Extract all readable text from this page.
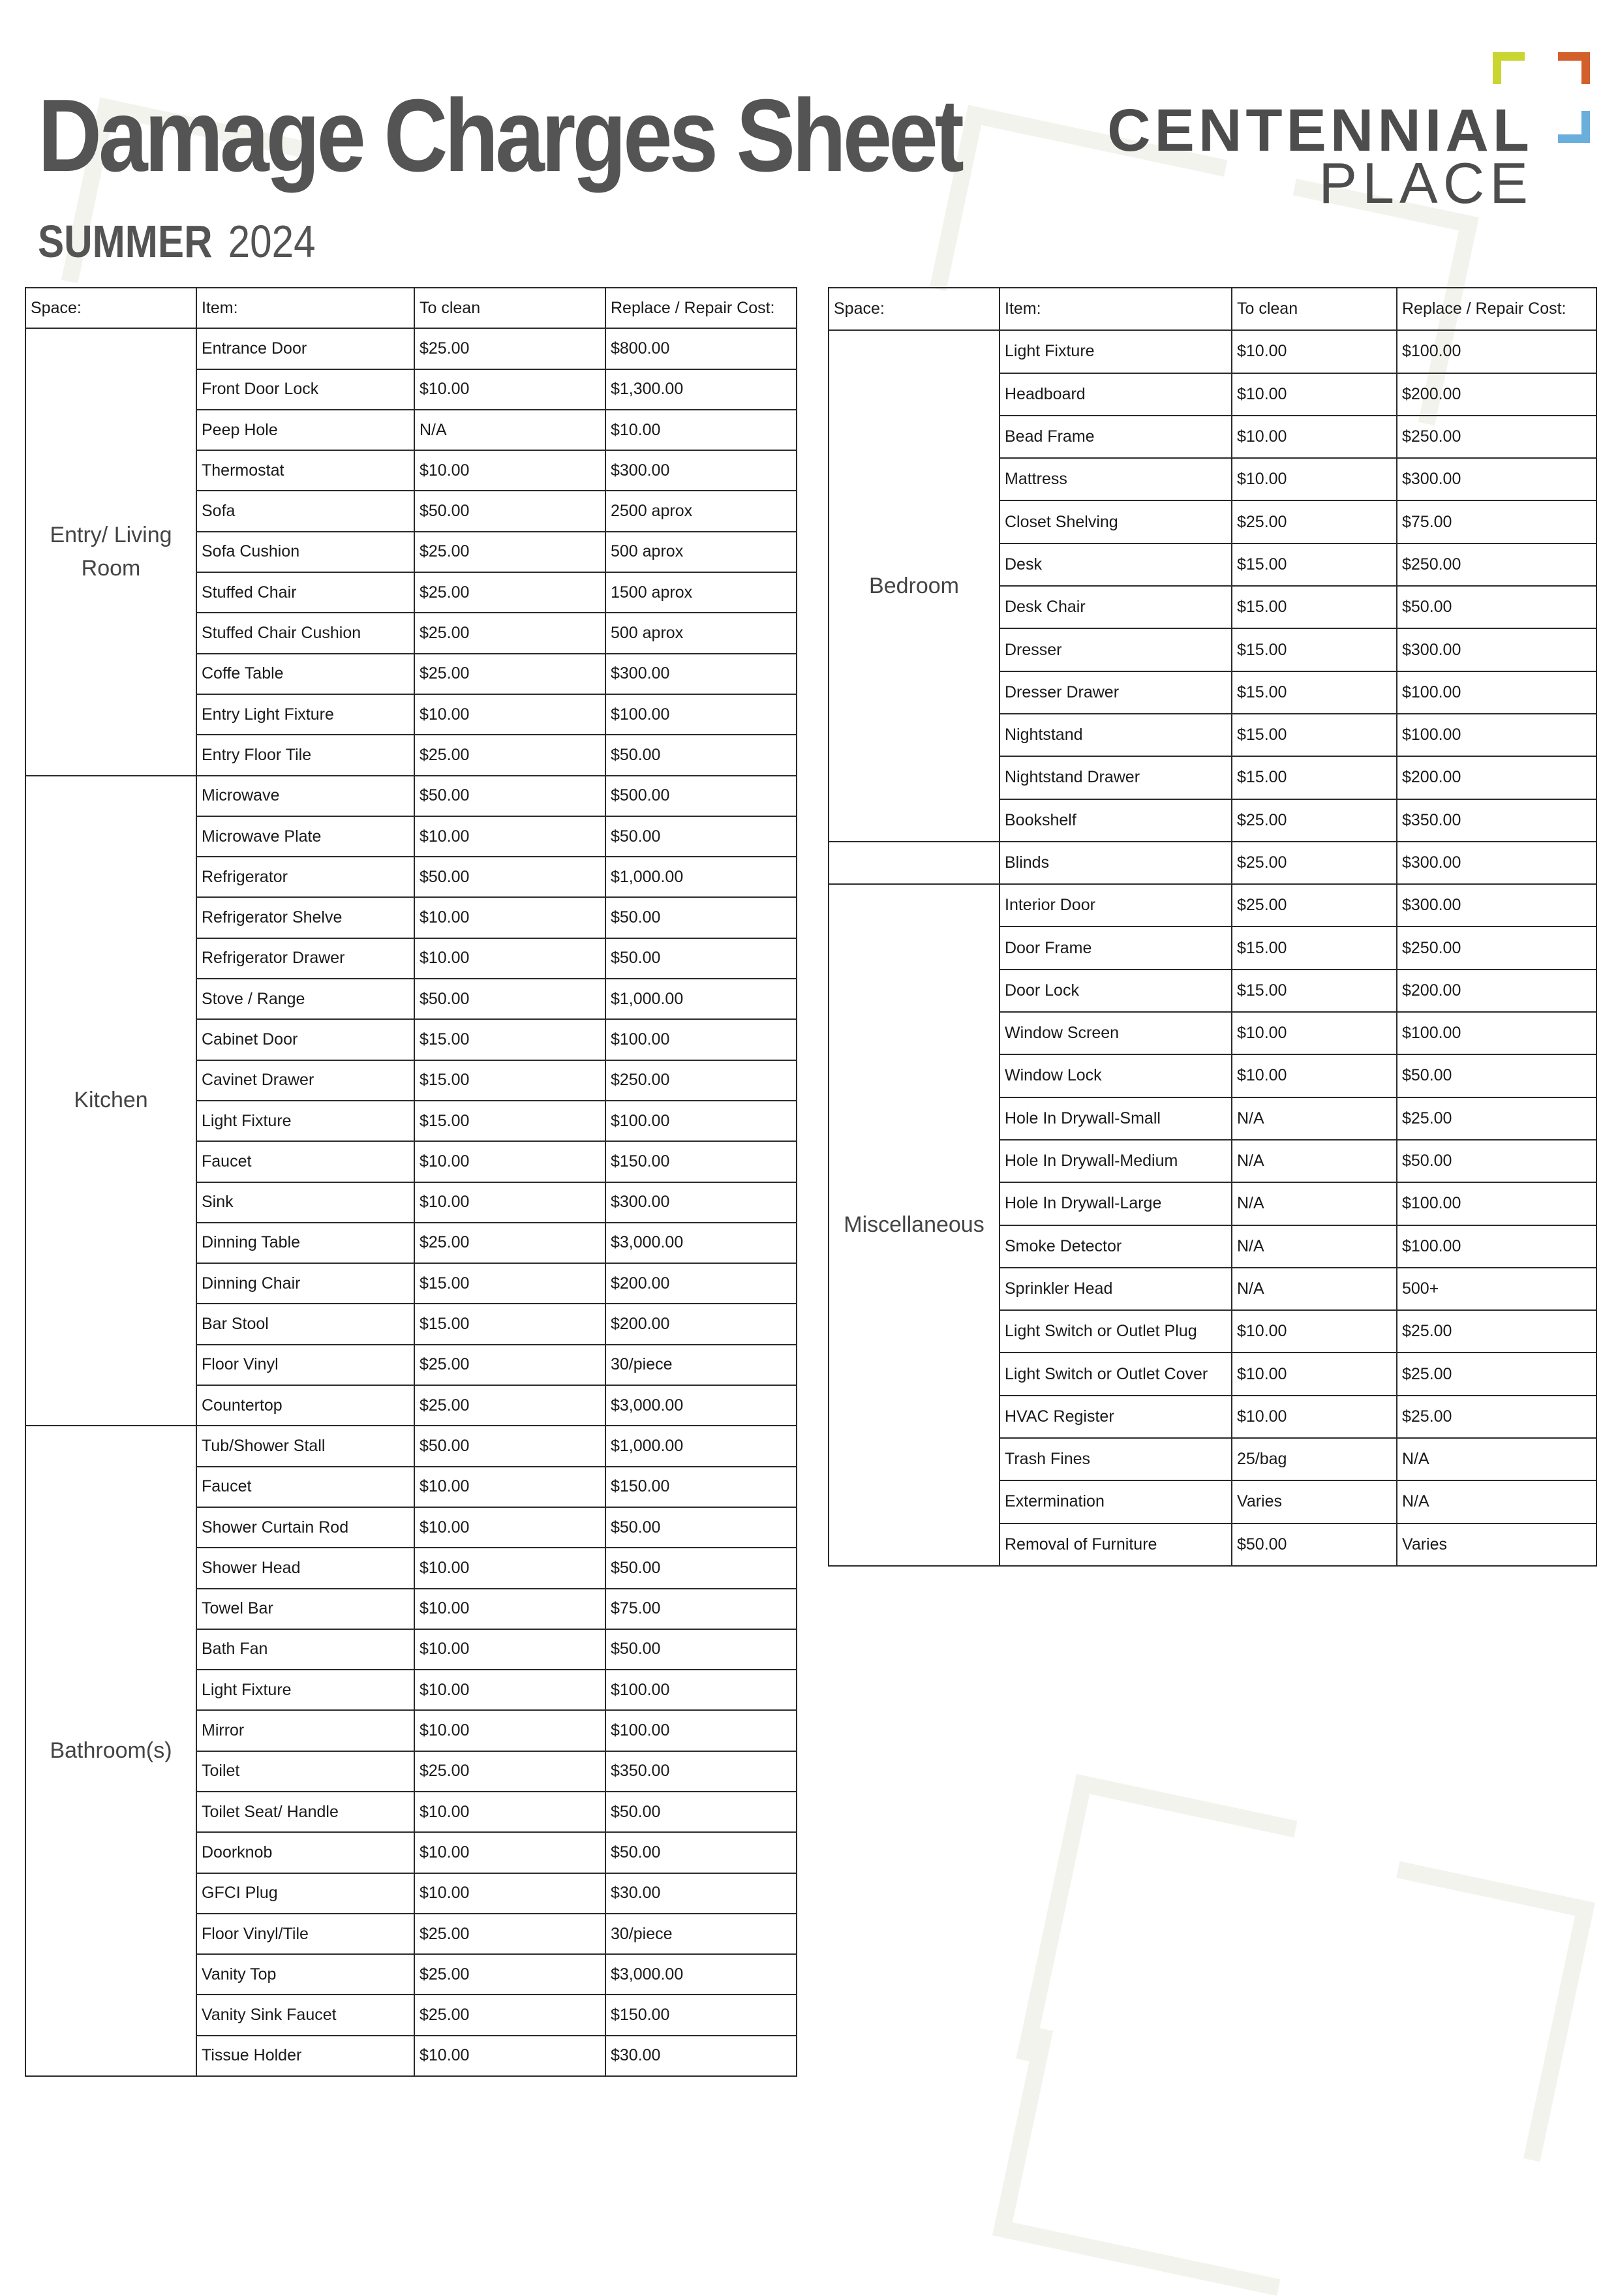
Damage Charges Sheet
SUMMER 2024
CENTENNIAL
PLACE
Space:	Item:	To clean	Replace / Repair Cost:
Entry/ Living Room	Entrance Door	$25.00	$800.00
	Front Door Lock	$10.00	$1,300.00
	Peep Hole	N/A	$10.00
	Thermostat	$10.00	$300.00
	Sofa	$50.00	2500 aprox
	Sofa Cushion	$25.00	500 aprox
	Stuffed Chair	$25.00	1500 aprox
	Stuffed Chair Cushion	$25.00	500 aprox
	Coffe Table	$25.00	$300.00
	Entry Light Fixture	$10.00	$100.00
	Entry Floor Tile	$25.00	$50.00
Kitchen	Microwave	$50.00	$500.00
	Microwave Plate	$10.00	$50.00
	Refrigerator	$50.00	$1,000.00
	Refrigerator Shelve	$10.00	$50.00
	Refrigerator Drawer	$10.00	$50.00
	Stove / Range	$50.00	$1,000.00
	Cabinet Door	$15.00	$100.00
	Cavinet Drawer	$15.00	$250.00
	Light Fixture	$15.00	$100.00
	Faucet	$10.00	$150.00
	Sink	$10.00	$300.00
	Dinning Table	$25.00	$3,000.00
	Dinning Chair	$15.00	$200.00
	Bar Stool	$15.00	$200.00
	Floor Vinyl	$25.00	30/piece
	Countertop	$25.00	$3,000.00
Bathroom(s)	Tub/Shower Stall	$50.00	$1,000.00
	Faucet	$10.00	$150.00
	Shower Curtain Rod	$10.00	$50.00
	Shower Head	$10.00	$50.00
	Towel Bar	$10.00	$75.00
	Bath Fan	$10.00	$50.00
	Light Fixture	$10.00	$100.00
	Mirror	$10.00	$100.00
	Toilet	$25.00	$350.00
	Toilet Seat/ Handle	$10.00	$50.00
	Doorknob	$10.00	$50.00
	GFCI Plug	$10.00	$30.00
	Floor Vinyl/Tile	$25.00	30/piece
	Vanity Top	$25.00	$3,000.00
	Vanity Sink Faucet	$25.00	$150.00
	Tissue Holder	$10.00	$30.00
Space:	Item:	To clean	Replace / Repair Cost:
Bedroom	Light Fixture	$10.00	$100.00
	Headboard	$10.00	$200.00
	Bead Frame	$10.00	$250.00
	Mattress	$10.00	$300.00
	Closet Shelving	$25.00	$75.00
	Desk	$15.00	$250.00
	Desk Chair	$15.00	$50.00
	Dresser	$15.00	$300.00
	Dresser Drawer	$15.00	$100.00
	Nightstand	$15.00	$100.00
	Nightstand Drawer	$15.00	$200.00
	Bookshelf	$25.00	$350.00
	Blinds	$25.00	$300.00
Miscellaneous	Interior Door	$25.00	$300.00
	Door Frame	$15.00	$250.00
	Door Lock	$15.00	$200.00
	Window Screen	$10.00	$100.00
	Window Lock	$10.00	$50.00
	Hole In Drywall-Small	N/A	$25.00
	Hole In Drywall-Medium	N/A	$50.00
	Hole In Drywall-Large	N/A	$100.00
	Smoke Detector	N/A	$100.00
	Sprinkler Head	N/A	500+
	Light Switch or Outlet Plug	$10.00	$25.00
	Light Switch or Outlet Cover	$10.00	$25.00
	HVAC Register	$10.00	$25.00
	Trash Fines	25/bag	N/A
	Extermination	Varies	N/A
	Removal of Furniture	$50.00	Varies
